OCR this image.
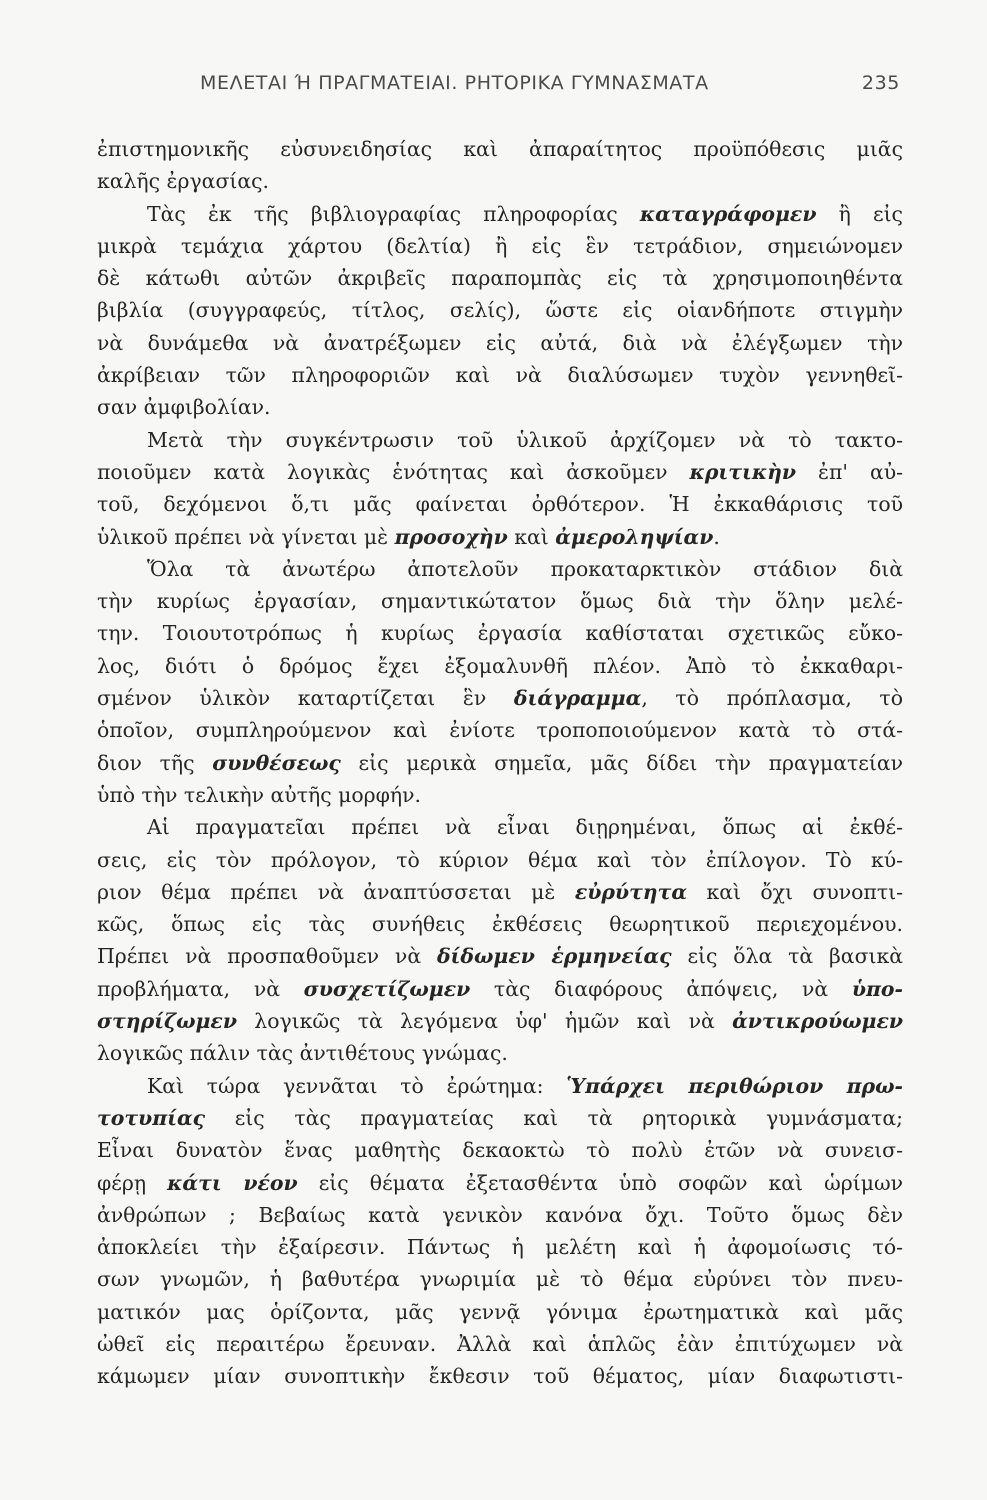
ΜΕΛΕΤΑΙ Ή ΠΡΑΓΜΑΤΕΙΑΙ. ΡΗΤΟΡΙΚΑ ΓΥΜΝΑΣΜΑΤΑ	235
ἐπιστημονικῆς εὐσυνειδησίας καὶ ἀπαραίτητος προϋπόθεσις μιᾶς
καλῆς ἐργασίας.
Τὰς ἐκ τῆς βιβλιογραφίας πληροφορίας καταγράφομεν ἢ εἰς
μικρὰ τεμάχια χάρτου (δελτία) ἢ εἰς ἓν τετράδιον, σημειώνομεν
δὲ κάτωθι αὐτῶν ἀκριβεῖς παραπομπὰς εἰς τὰ χρησιμοποιηθέντα
βιβλία (συγγραφεύς, τίτλος, σελίς), ὥστε εἰς οἱανδήποτε στιγμὴν
νὰ δυνάμεθα νὰ ἀνατρέξωμεν εἰς αὐτά, διὰ νὰ ἐλέγξωμεν τὴν
ἀκρίβειαν τῶν πληροφοριῶν καὶ νὰ διαλύσωμεν τυχὸν γεννηθεῖ-
σαν ἀμφιβολίαν.
Μετὰ τὴν συγκέντρωσιν τοῦ ὑλικοῦ ἀρχίζομεν νὰ τὸ τακτο-
ποιοῦμεν κατὰ λογικὰς ἑνότητας καὶ ἀσκοῦμεν κριτικὴν ἐπ' αὐ-
τοῦ, δεχόμενοι ὅ,τι μᾶς φαίνεται ὀρθότερον. Ἡ ἐκκαθάρισις τοῦ
ὑλικοῦ πρέπει νὰ γίνεται μὲ προσοχὴν καὶ ἀμεροληψίαν.
Ὅλα τὰ ἀνωτέρω ἀποτελοῦν προκαταρκτικὸν στάδιον διὰ
τὴν κυρίως ἐργασίαν, σημαντικώτατον ὅμως διὰ τὴν ὅλην μελέ-
την. Τοιουτοτρόπως ἡ κυρίως ἐργασία καθίσταται σχετικῶς εὔκο-
λος, διότι ὁ δρόμος ἔχει ἐξομαλυνθῆ πλέον. Ἀπὸ τὸ ἐκκαθαρι-
σμένον ὑλικὸν καταρτίζεται ἓν διάγραμμα, τὸ πρόπλασμα, τὸ
ὁποῖον, συμπληρούμενον καὶ ἐνίοτε τροποποιούμενον κατὰ τὸ στά-
διον τῆς συνθέσεως εἰς μερικὰ σημεῖα, μᾶς δίδει τὴν πραγματείαν
ὑπὸ τὴν τελικὴν αὐτῆς μορφήν.
Αἱ πραγματεῖαι πρέπει νὰ εἶναι διῃρημέναι, ὅπως αἱ ἐκθέ-
σεις, εἰς τὸν πρόλογον, τὸ κύριον θέμα καὶ τὸν ἐπίλογον. Τὸ κύ-
ριον θέμα πρέπει νὰ ἀναπτύσσεται μὲ εὐρύτητα καὶ ὄχι συνοπτι-
κῶς, ὅπως εἰς τὰς συνήθεις ἐκθέσεις θεωρητικοῦ περιεχομένου.
Πρέπει νὰ προσπαθοῦμεν νὰ δίδωμεν ἑρμηνείας εἰς ὅλα τὰ βασικὰ
προβλήματα, νὰ συσχετίζωμεν τὰς διαφόρους ἀπόψεις, νὰ ὑπο-
στηρίζωμεν λογικῶς τὰ λεγόμενα ὑφ' ἡμῶν καὶ νὰ ἀντικρούωμεν
λογικῶς πάλιν τὰς ἀντιθέτους γνώμας.
Καὶ τώρα γεννᾶται τὸ ἐρώτημα: Ὑπάρχει περιθώριον πρω-
τοτυπίας εἰς τὰς πραγματείας καὶ τὰ ρητορικὰ γυμνάσματα;
Εἶναι δυνατὸν ἕνας μαθητὴς δεκαοκτὼ τὸ πολὺ ἐτῶν νὰ συνεισ-
φέρῃ κάτι νέον εἰς θέματα ἐξετασθέντα ὑπὸ σοφῶν καὶ ὡρίμων
ἀνθρώπων ; Βεβαίως κατὰ γενικὸν κανόνα ὄχι. Τοῦτο ὅμως δὲν
ἀποκλείει τὴν ἐξαίρεσιν. Πάντως ἡ μελέτη καὶ ἡ ἀφομοίωσις τό-
σων γνωμῶν, ἡ βαθυτέρα γνωριμία μὲ τὸ θέμα εὐρύνει τὸν πνευ-
ματικόν μας ὁρίζοντα, μᾶς γεννᾷ γόνιμα ἐρωτηματικὰ καὶ μᾶς
ὠθεῖ εἰς περαιτέρω ἔρευναν. Ἀλλὰ καὶ ἁπλῶς ἐὰν ἐπιτύχωμεν νὰ
κάμωμεν μίαν συνοπτικὴν ἔκθεσιν τοῦ θέματος, μίαν διαφωτιστι-
